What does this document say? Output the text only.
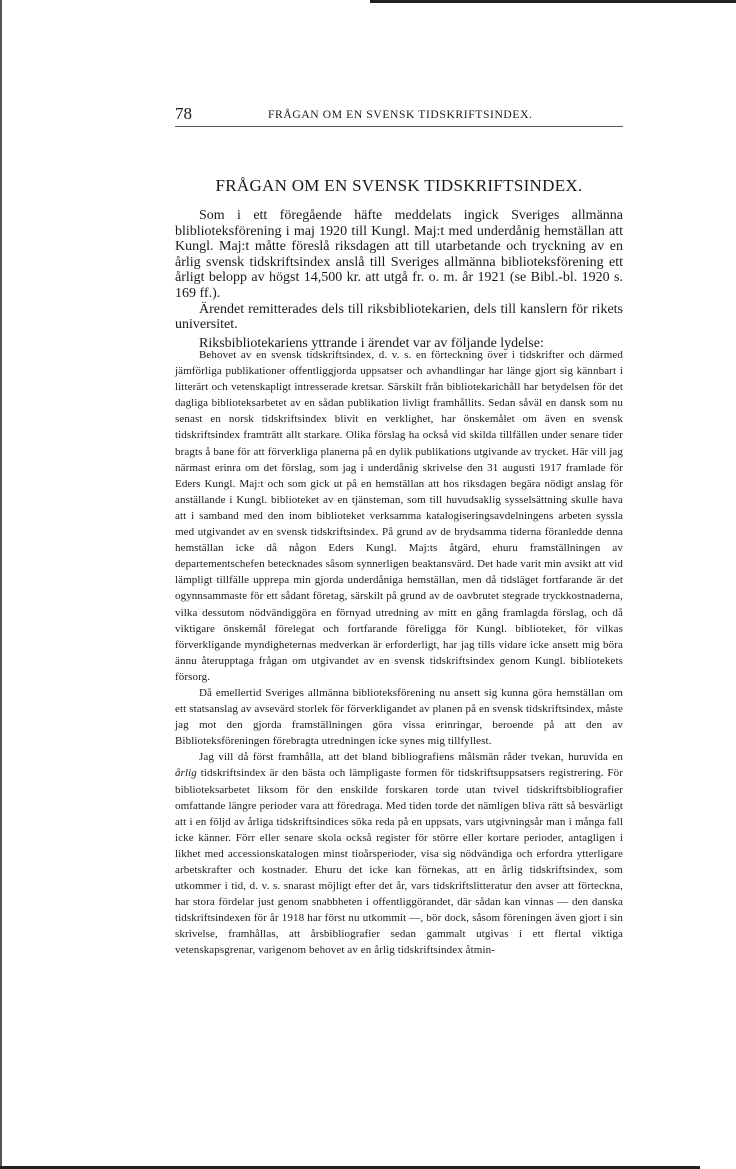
78	FRÅGAN OM EN SVENSK TIDSKRIFTSINDEX.
FRÅGAN OM EN SVENSK TIDSKRIFTSINDEX.

Som i ett föregående häfte meddelats ingick Sveriges allmänna bliblioteksförening i maj 1920 till Kungl. Maj:t med underdånig hemställan att Kungl. Maj:t måtte föreslå riksdagen att till utarbetande och tryckning av en årlig svensk tidskriftsindex anslå till Sveriges allmänna biblioteksförening ett årligt belopp av högst 14,500 kr. att utgå fr. o. m. år 1921 (se Bibl.-bl. 1920 s. 169 ff.).

Ärendet remitterades dels till riksbibliotekarien, dels till kanslern för rikets universitet.

Riksbibliotekariens yttrande i ärendet var av följande lydelse:

Behovet av en svensk tidskriftsindex, d. v. s. en förteckning över i tidskrifter och därmed jämförliga publikationer offentliggjorda uppsatser och avhandlingar har länge gjort sig kännbart i litterärt och vetenskapligt intresserade kretsar. Särskilt från bibliotekarichåll har betydelsen för det dagliga biblioteksarbetet av en sådan publikation livligt framhållits. Sedan såväl en dansk som nu senast en norsk tidskriftsindex blivit en verklighet, har önskemålet om även en svensk tidskriftsindex framträtt allt starkare. Olika förslag ha också vid skilda tillfällen under senare tider bragts å bane för att förverkliga planerna på en dylik publikations utgivande av trycket. Här vill jag närmast erinra om det förslag, som jag i underdånig skrivelse den 31 augusti 1917 framlade för Eders Kungl. Maj:t och som gick ut på en hemställan att hos riksdagen begära nödigt anslag för anställande i Kungl. biblioteket av en tjänsteman, som till huvudsaklig sysselsättning skulle hava att i samband med den inom biblioteket verksamma katalogiseringsavdelningens arbeten syssla med utgivandet av en svensk tidskriftsindex. På grund av de brydsamma tiderna föranledde denna hemställan icke då någon Eders Kungl. Maj:ts åtgärd, ehuru framställningen av departementschefen betecknades såsom synnerligen beaktansvärd. Det hade varit min avsikt att vid lämpligt tillfälle upprepa min gjorda underdåniga hemställan, men då tidsläget fortfarande är det ogynnsammaste för ett sådant företag, särskilt på grund av de oavbrutet stegrade tryckkostnaderna, vilka dessutom nödvändiggöra en förnyad utredning av mitt en gång framlagda förslag, och då viktigare önskemål förelegat och fortfarande föreligga för Kungl. biblioteket, för vilkas förverkligande myndigheternas medverkan är erforderligt, har jag tills vidare icke ansett mig böra ännu återupptaga frågan om utgivandet av en svensk tidskriftsindex genom Kungl. bibliotekets försorg.

Då emellertid Sveriges allmänna biblioteksförening nu ansett sig kunna göra hemställan om ett statsanslag av avsevärd storlek för förverkligandet av planen på en svensk tidskriftsindex, måste jag mot den gjorda framställningen göra vissa erinringar, beroende på att den av Biblioteksföreningen förebragta utredningen icke synes mig tillfyllest.

Jag vill då först framhålla, att det bland bibliografiens målsmän råder tvekan, huruvida en årlig tidskriftsindex är den bästa och lämpligaste formen för tidskriftsuppsatsers registrering. För biblioteksarbetet liksom för den enskilde forskaren torde utan tvivel tidskriftsbibliografier omfattande längre perioder vara att föredraga. Med tiden torde det nämligen bliva rätt så besvärligt att i en följd av årliga tidskriftsindices söka reda på en uppsats, vars utgivningsår man i många fall icke känner. Förr eller senare skola också register för större eller kortare perioder, antagligen i likhet med accessionskatalogen minst tioårsperioder, visa sig nödvändiga och erfordra ytterligare arbetskrafter och kostnader. Ehuru det icke kan förnekas, att en årlig tidskriftsindex, som utkommer i tid, d. v. s. snarast möjligt efter det år, vars tidskriftslitteratur den avser att förteckna, har stora fördelar just genom snabbheten i offentliggörandet, där sådan kan vinnas — den danska tidskriftsindexen för år 1918 har först nu utkommit —, bör dock, såsom föreningen även gjort i sin skrivelse, framhållas, att årsbibliografier sedan gammalt utgivas i ett flertal viktiga vetenskapsgrenar, varigenom behovet av en årlig tidskriftsindex åtmin-
